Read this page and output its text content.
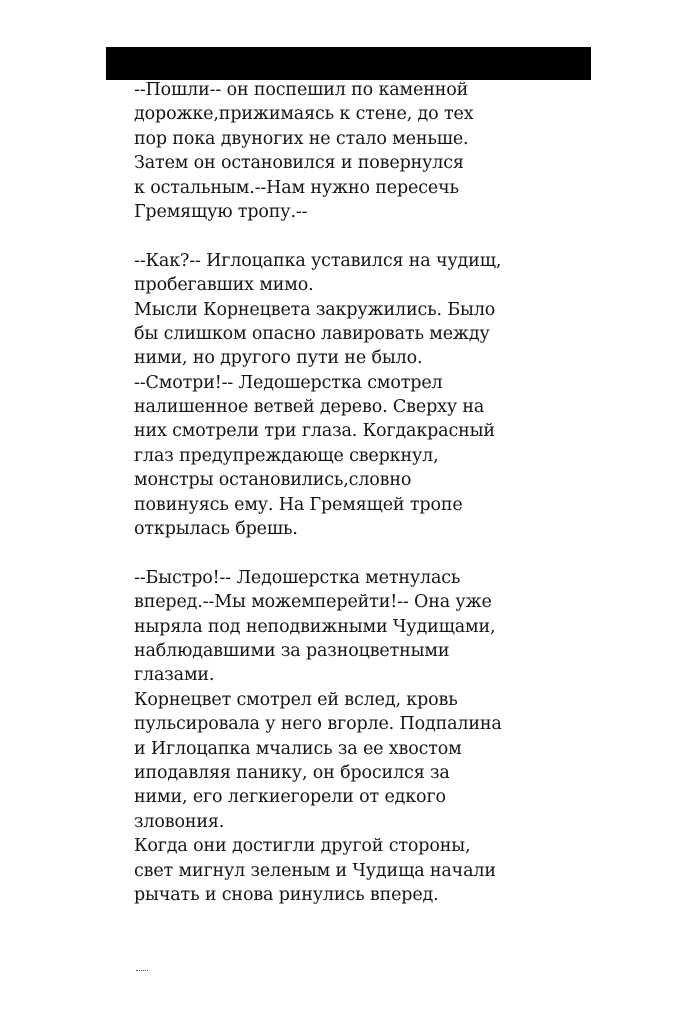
--Пошли-- он поспешил по каменной
дорожке,прижимаясь к стене, до тех
пор пока двуногих не стало меньше.
Затем он остановился и повернулся
к остальным.--Нам нужно пересечь
Гремящую тропу.--
--Как?-- Иглоцапка уставился на чудищ,
пробегавших мимо.
Мысли Корнецвета закружились. Было
бы слишком опасно лавировать между
ними, но другого пути не было.
--Смотри!-- Ледошерстка смотрел
налишенное ветвей дерево. Сверху на
них смотрели три глаза. Когдакрасный
глаз предупреждающе сверкнул,
монстры остановились,словно
повинуясь ему. На Гремящей тропе
открылась брешь.
--Быстро!-- Ледошерстка метнулась
вперед.--Мы можемперейти!-- Она уже
ныряла под неподвижными Чудищами,
наблюдавшими за разноцветными
глазами.
Корнецвет смотрел ей вслед, кровь
пульсировала у него вгорле. Подпалина
и Иглоцапка мчались за ее хвостом
иподавляя панику, он бросился за
ними, его легкиегорели от едкого
зловония.
Когда они достигли другой стороны,
свет мигнул зеленым и Чудища начали
рычать и снова ринулись вперед.
